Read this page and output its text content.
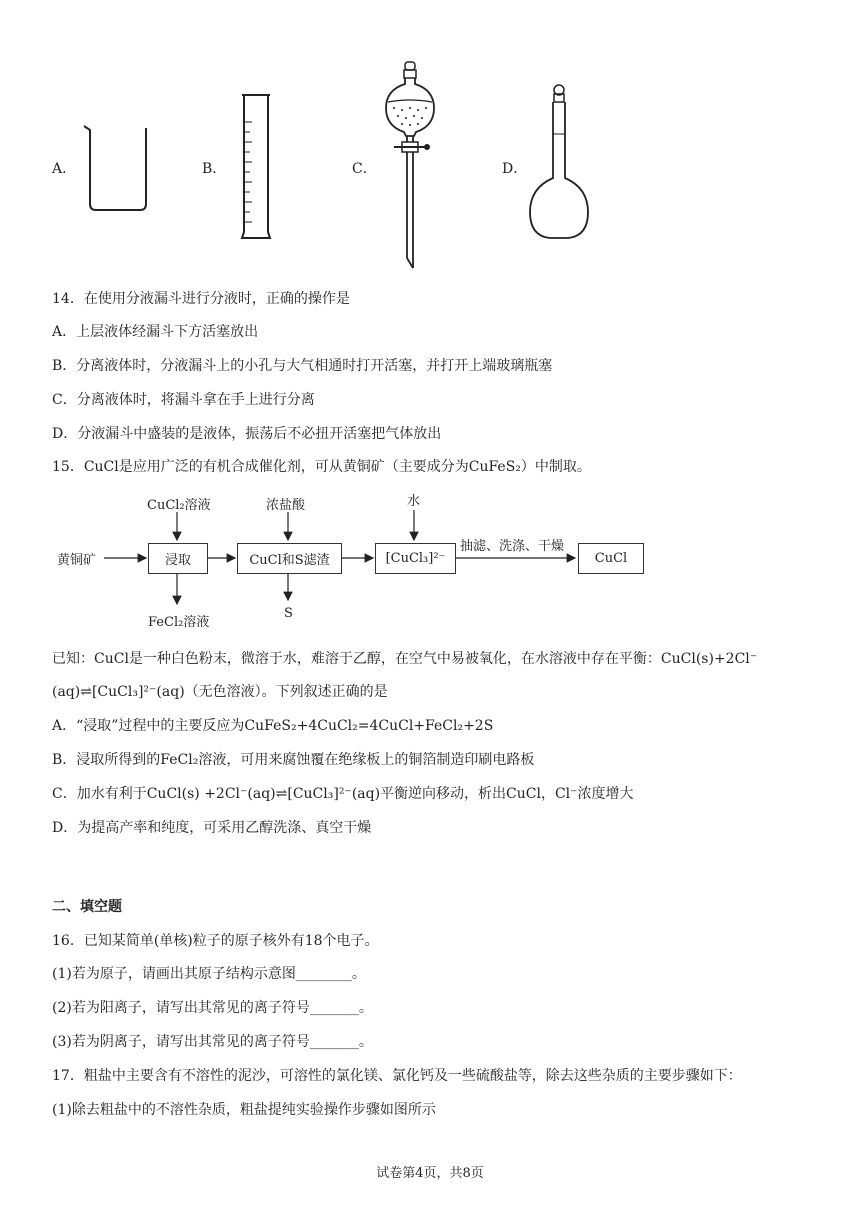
A．	B．	C．	D．
14．在使用分液漏斗进行分液时，正确的操作是
A．上层液体经漏斗下方活塞放出
B．分离液体时，分液漏斗上的小孔与大气相通时打开活塞，并打开上端玻璃瓶塞
C．分离液体时，将漏斗拿在手上进行分离
D．分液漏斗中盛装的是液体，振荡后不必扭开活塞把气体放出
15．CuCl是应用广泛的有机合成催化剂，可从黄铜矿（主要成分为CuFeS₂）中制取。
黄铜矿	浸取
CuCl₂溶液
FeCl₂溶液
CuCl和S滤渣
浓盐酸
S
[CuCl₃]²⁻
水
抽滤、洗涤、干燥
CuCl
已知：CuCl是一种白色粉末，微溶于水，难溶于乙醇，在空气中易被氧化，在水溶液中存在平衡：CuCl(s)+2Cl⁻
(aq)⇌[CuCl₃]²⁻(aq)（无色溶液）。下列叙述正确的是
A．“浸取”过程中的主要反应为CuFeS₂+4CuCl₂=4CuCl+FeCl₂+2S
B．浸取所得到的FeCl₂溶液，可用来腐蚀覆在绝缘板上的铜箔制造印刷电路板
C．加水有利于CuCl(s) +2Cl⁻(aq)⇌[CuCl₃]²⁻(aq)平衡逆向移动，析出CuCl，Cl⁻浓度增大
D．为提高产率和纯度，可采用乙醇洗涤、真空干燥
二、填空题
16．已知某简单(单核)粒子的原子核外有18个电子。
(1)若为原子，请画出其原子结构示意图________。
(2)若为阳离子，请写出其常见的离子符号_______。
(3)若为阴离子，请写出其常见的离子符号_______。
17．粗盐中主要含有不溶性的泥沙，可溶性的氯化镁、氯化钙及一些硫酸盐等，除去这些杂质的主要步骤如下：
(1)除去粗盐中的不溶性杂质，粗盐提纯实验操作步骤如图所示
试卷第4页，共8页
